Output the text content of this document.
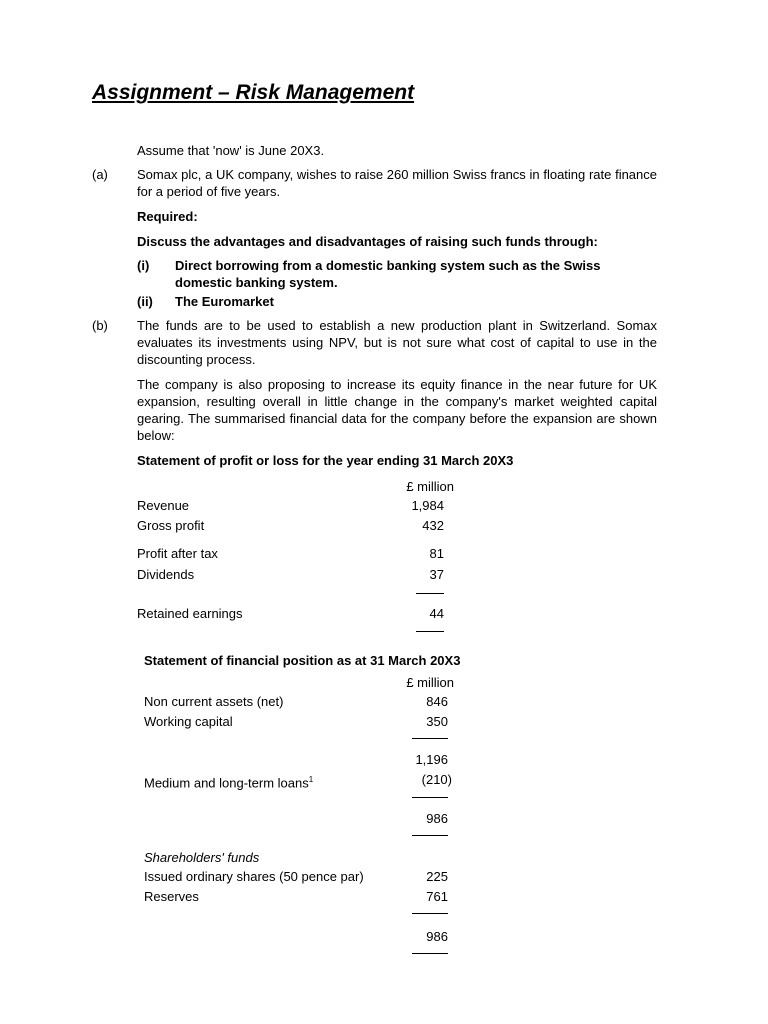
Assignment – Risk Management
Assume that 'now' is June 20X3.
(a) Somax plc, a UK company, wishes to raise 260 million Swiss francs in floating rate finance for a period of five years.
Required:
Discuss the advantages and disadvantages of raising such funds through:
(i) Direct borrowing from a domestic banking system such as the Swiss domestic banking system.
(ii) The Euromarket
(b) The funds are to be used to establish a new production plant in Switzerland. Somax evaluates its investments using NPV, but is not sure what cost of capital to use in the discounting process.
The company is also proposing to increase its equity finance in the near future for UK expansion, resulting overall in little change in the company's market weighted capital gearing. The summarised financial data for the company before the expansion are shown below:
Statement of profit or loss for the year ending 31 March 20X3
£ million
Revenue	1,984
Gross profit	432
Profit after tax	81
Dividends	37
Retained earnings	44
Statement of financial position as at 31 March 20X3
£ million
Non current assets (net)	846
Working capital	350
1,196
Medium and long-term loans$^1$	(210)
986
Shareholders' funds
Issued ordinary shares (50 pence par)	225
Reserves	761
986
